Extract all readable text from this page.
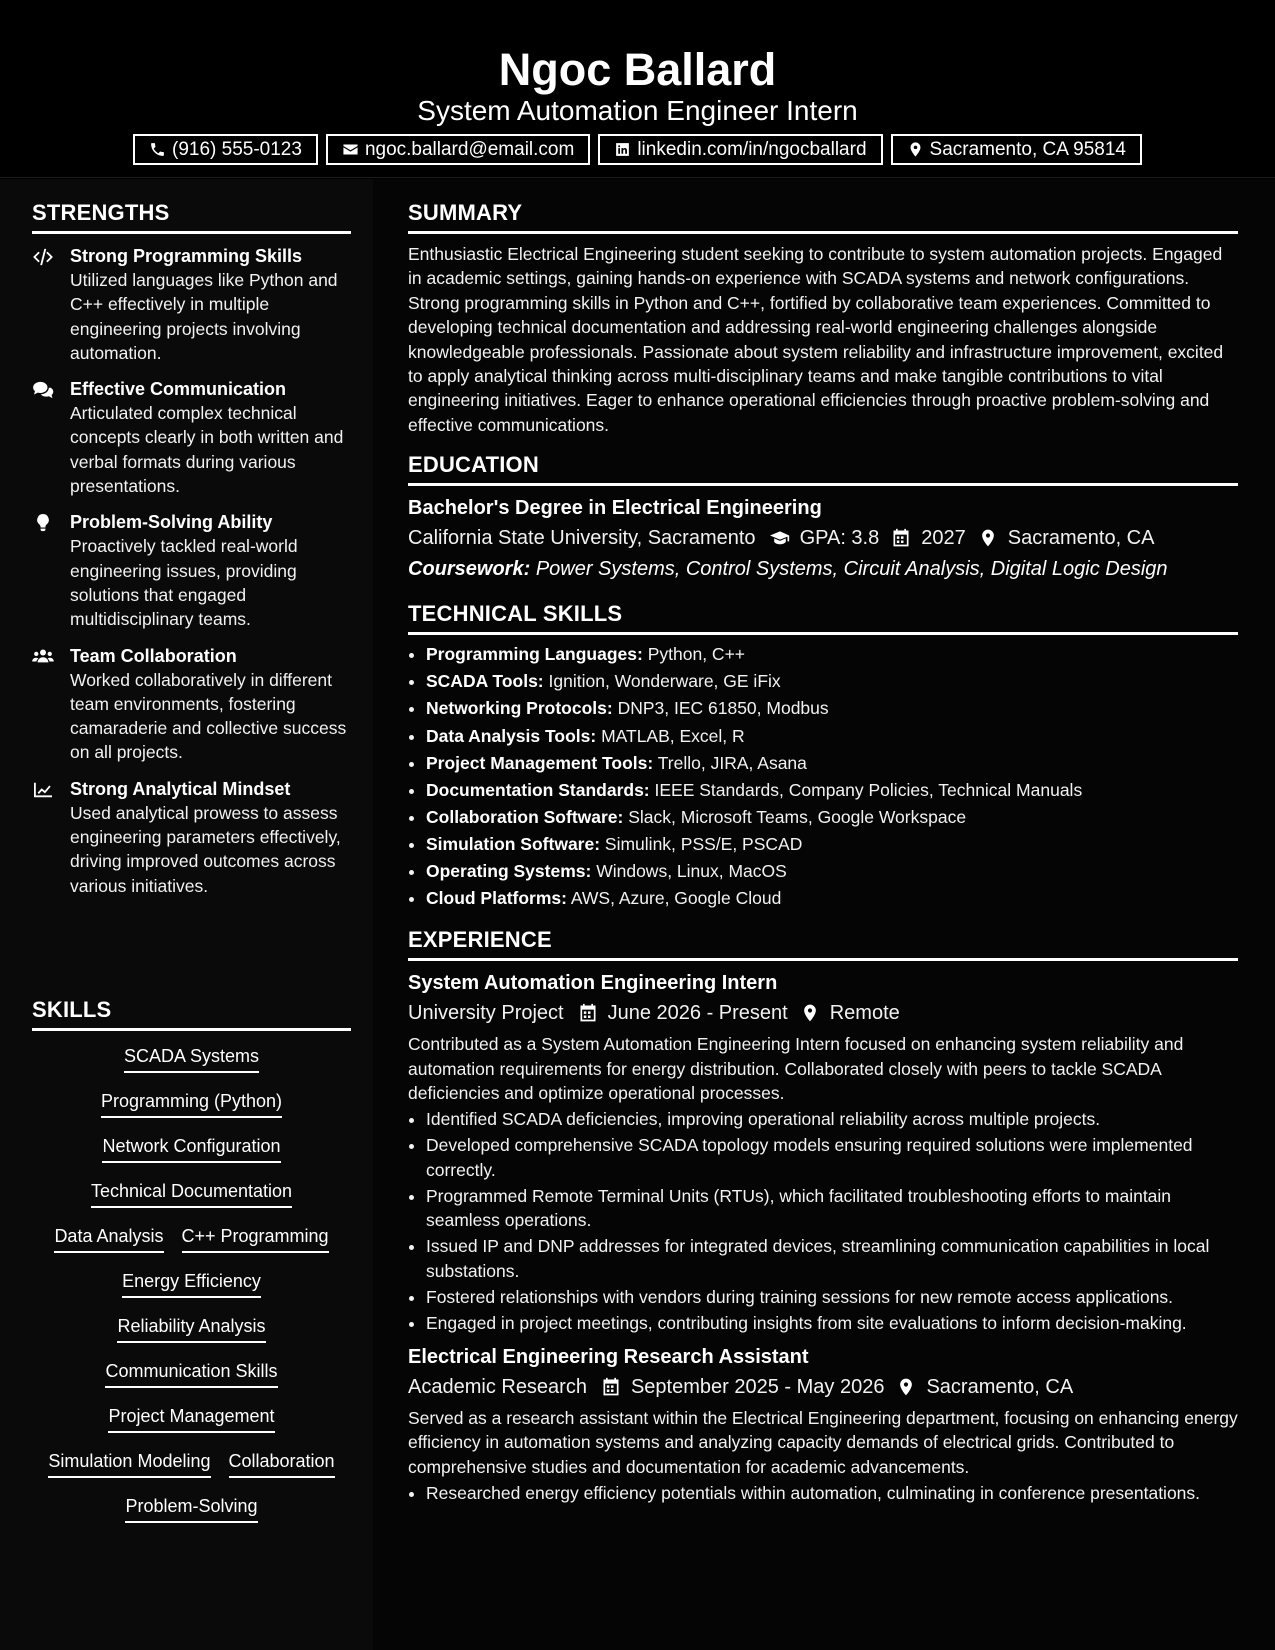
Ngoc Ballard
System Automation Engineer Intern
(916) 555-0123	ngoc.ballard@email.com	linkedin.com/in/ngocballard	Sacramento, CA 95814
STRENGTHS
Strong Programming Skills
Utilized languages like Python and C++ effectively in multiple engineering projects involving automation.
Effective Communication
Articulated complex technical concepts clearly in both written and verbal formats during various presentations.
Problem-Solving Ability
Proactively tackled real-world engineering issues, providing solutions that engaged multidisciplinary teams.
Team Collaboration
Worked collaboratively in different team environments, fostering camaraderie and collective success on all projects.
Strong Analytical Mindset
Used analytical prowess to assess engineering parameters effectively, driving improved outcomes across various initiatives.
SKILLS
SCADA Systems
Programming (Python)
Network Configuration
Technical Documentation
Data Analysis C++ Programming
Energy Efficiency
Reliability Analysis
Communication Skills
Project Management
Simulation Modeling Collaboration
Problem-Solving
SUMMARY
Enthusiastic Electrical Engineering student seeking to contribute to system automation projects. Engaged in academic settings, gaining hands-on experience with SCADA systems and network configurations. Strong programming skills in Python and C++, fortified by collaborative team experiences. Committed to developing technical documentation and addressing real-world engineering challenges alongside knowledgeable professionals. Passionate about system reliability and infrastructure improvement, excited to apply analytical thinking across multi-disciplinary teams and make tangible contributions to vital engineering initiatives. Eager to enhance operational efficiencies through proactive problem-solving and effective communications.
EDUCATION
Bachelor's Degree in Electrical Engineering
California State University, Sacramento GPA: 3.8 2027 Sacramento, CA
Coursework: Power Systems, Control Systems, Circuit Analysis, Digital Logic Design
TECHNICAL SKILLS
• Programming Languages: Python, C++
• SCADA Tools: Ignition, Wonderware, GE iFix
• Networking Protocols: DNP3, IEC 61850, Modbus
• Data Analysis Tools: MATLAB, Excel, R
• Project Management Tools: Trello, JIRA, Asana
• Documentation Standards: IEEE Standards, Company Policies, Technical Manuals
• Collaboration Software: Slack, Microsoft Teams, Google Workspace
• Simulation Software: Simulink, PSS/E, PSCAD
• Operating Systems: Windows, Linux, MacOS
• Cloud Platforms: AWS, Azure, Google Cloud
EXPERIENCE
System Automation Engineering Intern
University Project June 2026 - Present Remote
Contributed as a System Automation Engineering Intern focused on enhancing system reliability and automation requirements for energy distribution. Collaborated closely with peers to tackle SCADA deficiencies and optimize operational processes.
• Identified SCADA deficiencies, improving operational reliability across multiple projects.
• Developed comprehensive SCADA topology models ensuring required solutions were implemented correctly.
• Programmed Remote Terminal Units (RTUs), which facilitated troubleshooting efforts to maintain seamless operations.
• Issued IP and DNP addresses for integrated devices, streamlining communication capabilities in local substations.
• Fostered relationships with vendors during training sessions for new remote access applications.
• Engaged in project meetings, contributing insights from site evaluations to inform decision-making.
Electrical Engineering Research Assistant
Academic Research September 2025 - May 2026 Sacramento, CA
Served as a research assistant within the Electrical Engineering department, focusing on enhancing energy efficiency in automation systems and analyzing capacity demands of electrical grids. Contributed to comprehensive studies and documentation for academic advancements.
• Researched energy efficiency potentials within automation, culminating in conference presentations.
